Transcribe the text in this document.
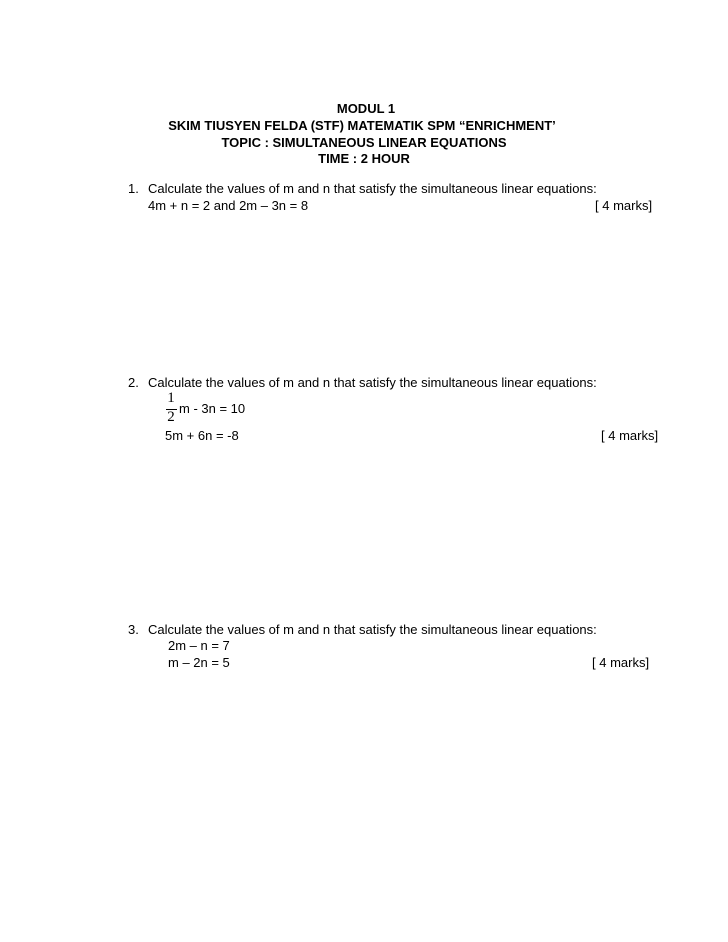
MODUL 1
SKIM TIUSYEN FELDA (STF) MATEMATIK SPM “ENRICHMENT’
TOPIC : SIMULTANEOUS LINEAR EQUATIONS
TIME : 2 HOUR
1. Calculate the values of m and n that satisfy the simultaneous linear equations:
4m + n = 2 and 2m – 3n = 8	[ 4 marks]
2. Calculate the values of m and n that satisfy the simultaneous linear equations:
1
2
m - 3n = 10
5m + 6n = -8	[ 4 marks]
3. Calculate the values of m and n that satisfy the simultaneous linear equations:
2m – n = 7
m – 2n = 5	[ 4 marks]
